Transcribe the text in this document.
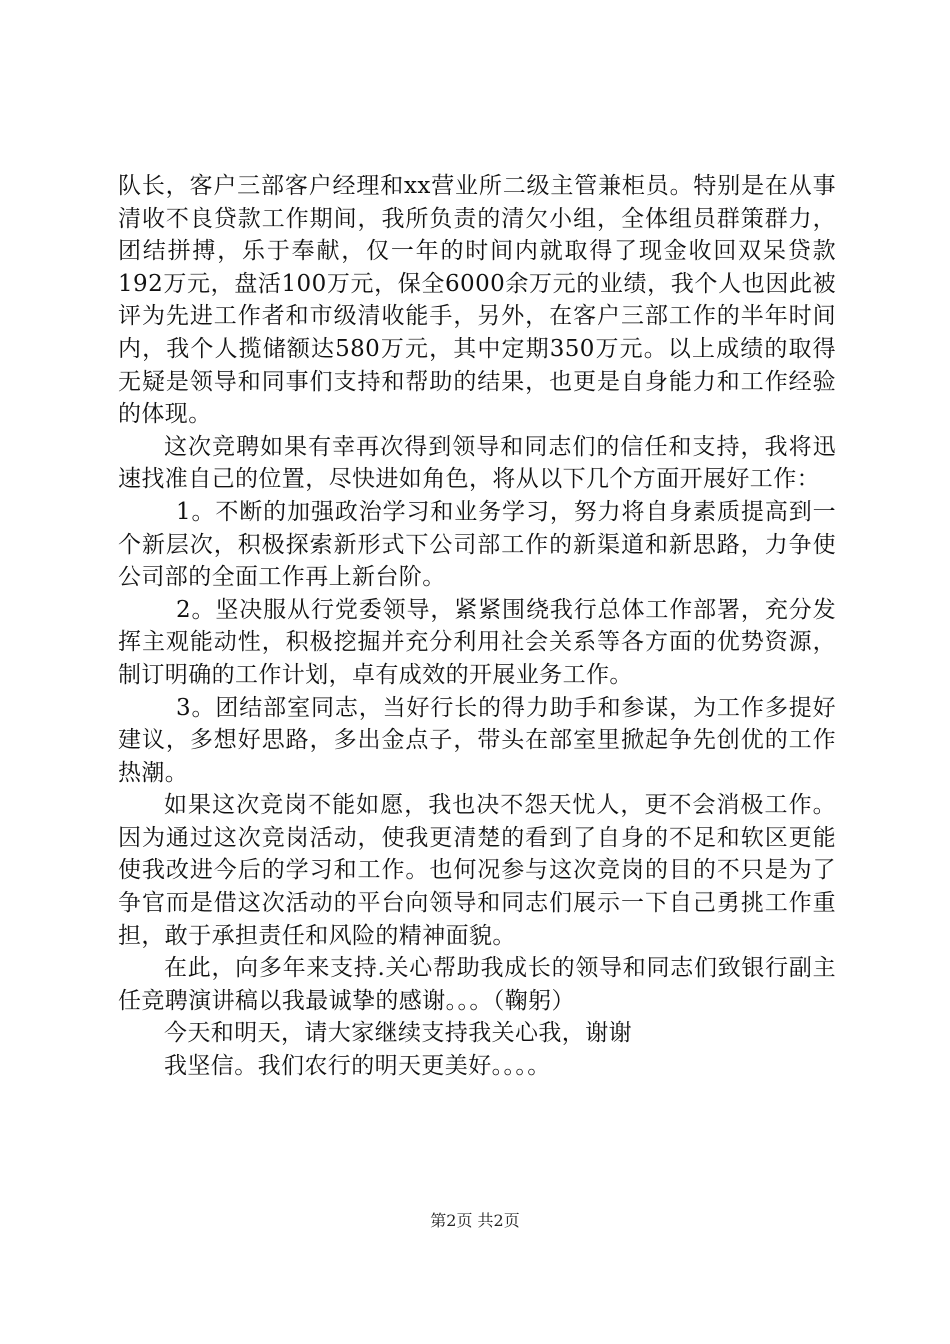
队长，客户三部客户经理和xx营业所二级主管兼柜员。特别是在从事清收不良贷款工作期间，我所负责的清欠小组，全体组员群策群力，团结拼搏，乐于奉献，仅一年的时间内就取得了现金收回双呆贷款192万元，盘活100万元，保全6000余万元的业绩，我个人也因此被评为先进工作者和市级清收能手，另外，在客户三部工作的半年时间内，我个人揽储额达580万元，其中定期350万元。以上成绩的取得无疑是领导和同事们支持和帮助的结果，也更是自身能力和工作经验的体现。

这次竞聘如果有幸再次得到领导和同志们的信任和支持，我将迅速找准自己的位置，尽快进如角色，将从以下几个方面开展好工作：

1。不断的加强政治学习和业务学习，努力将自身素质提高到一个新层次，积极探索新形式下公司部工作的新渠道和新思路，力争使公司部的全面工作再上新台阶。

2。坚决服从行党委领导，紧紧围绕我行总体工作部署，充分发挥主观能动性，积极挖掘并充分利用社会关系等各方面的优势资源，制订明确的工作计划，卓有成效的开展业务工作。

3。团结部室同志，当好行长的得力助手和参谋，为工作多提好建议，多想好思路，多出金点子，带头在部室里掀起争先创优的工作热潮。

如果这次竞岗不能如愿，我也决不怨天忧人，更不会消极工作。因为通过这次竞岗活动，使我更清楚的看到了自身的不足和软区更能使我改进今后的学习和工作。也何况参与这次竞岗的目的不只是为了争官而是借这次活动的平台向领导和同志们展示一下自己勇挑工作重担，敢于承担责任和风险的精神面貌。

在此，向多年来支持.关心帮助我成长的领导和同志们致银行副主任竞聘演讲稿以我最诚挚的感谢。。。（鞠躬）

今天和明天，请大家继续支持我关心我，谢谢

我坚信。我们农行的明天更美好。。。。

第2页 共2页
